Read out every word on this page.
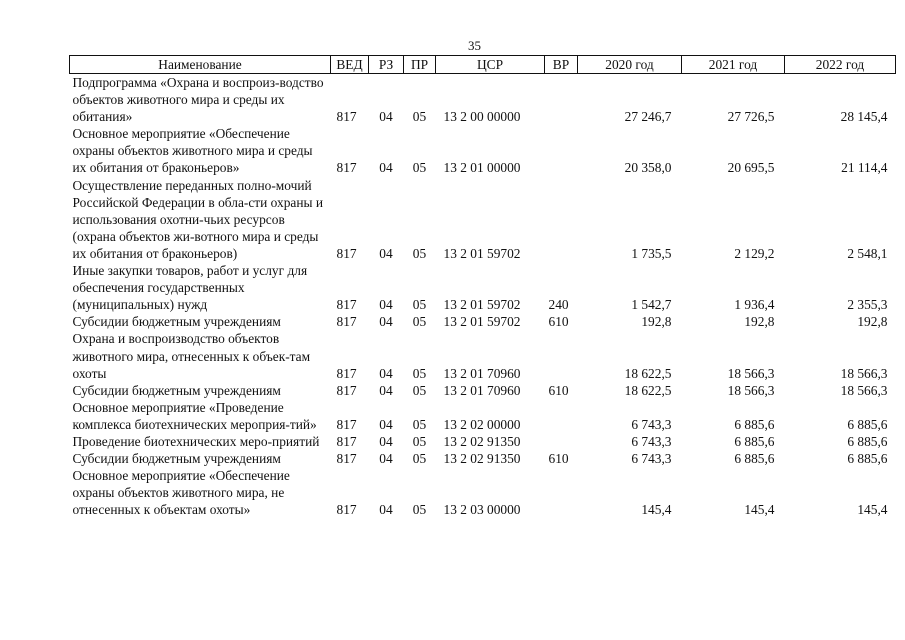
35
Наименование	ВЕД	РЗ	ПР	ЦСР	ВР	2020 год	2021 год	2022 год
Подпрограмма «Охрана и воспроиз-водство объектов животного мира и среды их обитания»	817	04	05	13 2 00 00000		27 246,7	27 726,5	28 145,4
Основное мероприятие «Обеспечение охраны объектов животного мира и среды их обитания от браконьеров»	817	04	05	13 2 01 00000		20 358,0	20 695,5	21 114,4
Осуществление переданных полно-мочий Российской Федерации в обла-сти охраны и использования охотни-чьих ресурсов (охрана объектов жи-вотного мира и среды их обитания от браконьеров)	817	04	05	13 2 01 59702		1 735,5	2 129,2	2 548,1
Иные закупки товаров, работ и услуг для обеспечения государственных (муниципальных) нужд	817	04	05	13 2 01 59702	240	1 542,7	1 936,4	2 355,3
Субсидии бюджетным учреждениям	817	04	05	13 2 01 59702	610	192,8	192,8	192,8
Охрана и воспроизводство объектов животного мира, отнесенных к объек-там охоты	817	04	05	13 2 01 70960		18 622,5	18 566,3	18 566,3
Субсидии бюджетным учреждениям	817	04	05	13 2 01 70960	610	18 622,5	18 566,3	18 566,3
Основное мероприятие «Проведение комплекса биотехнических мероприя-тий»	817	04	05	13 2 02 00000		6 743,3	6 885,6	6 885,6
Проведение биотехнических меро-приятий	817	04	05	13 2 02 91350		6 743,3	6 885,6	6 885,6
Субсидии бюджетным учреждениям	817	04	05	13 2 02 91350	610	6 743,3	6 885,6	6 885,6
Основное мероприятие «Обеспечение охраны объектов животного мира, не отнесенных к объектам охоты»	817	04	05	13 2 03 00000		145,4	145,4	145,4
